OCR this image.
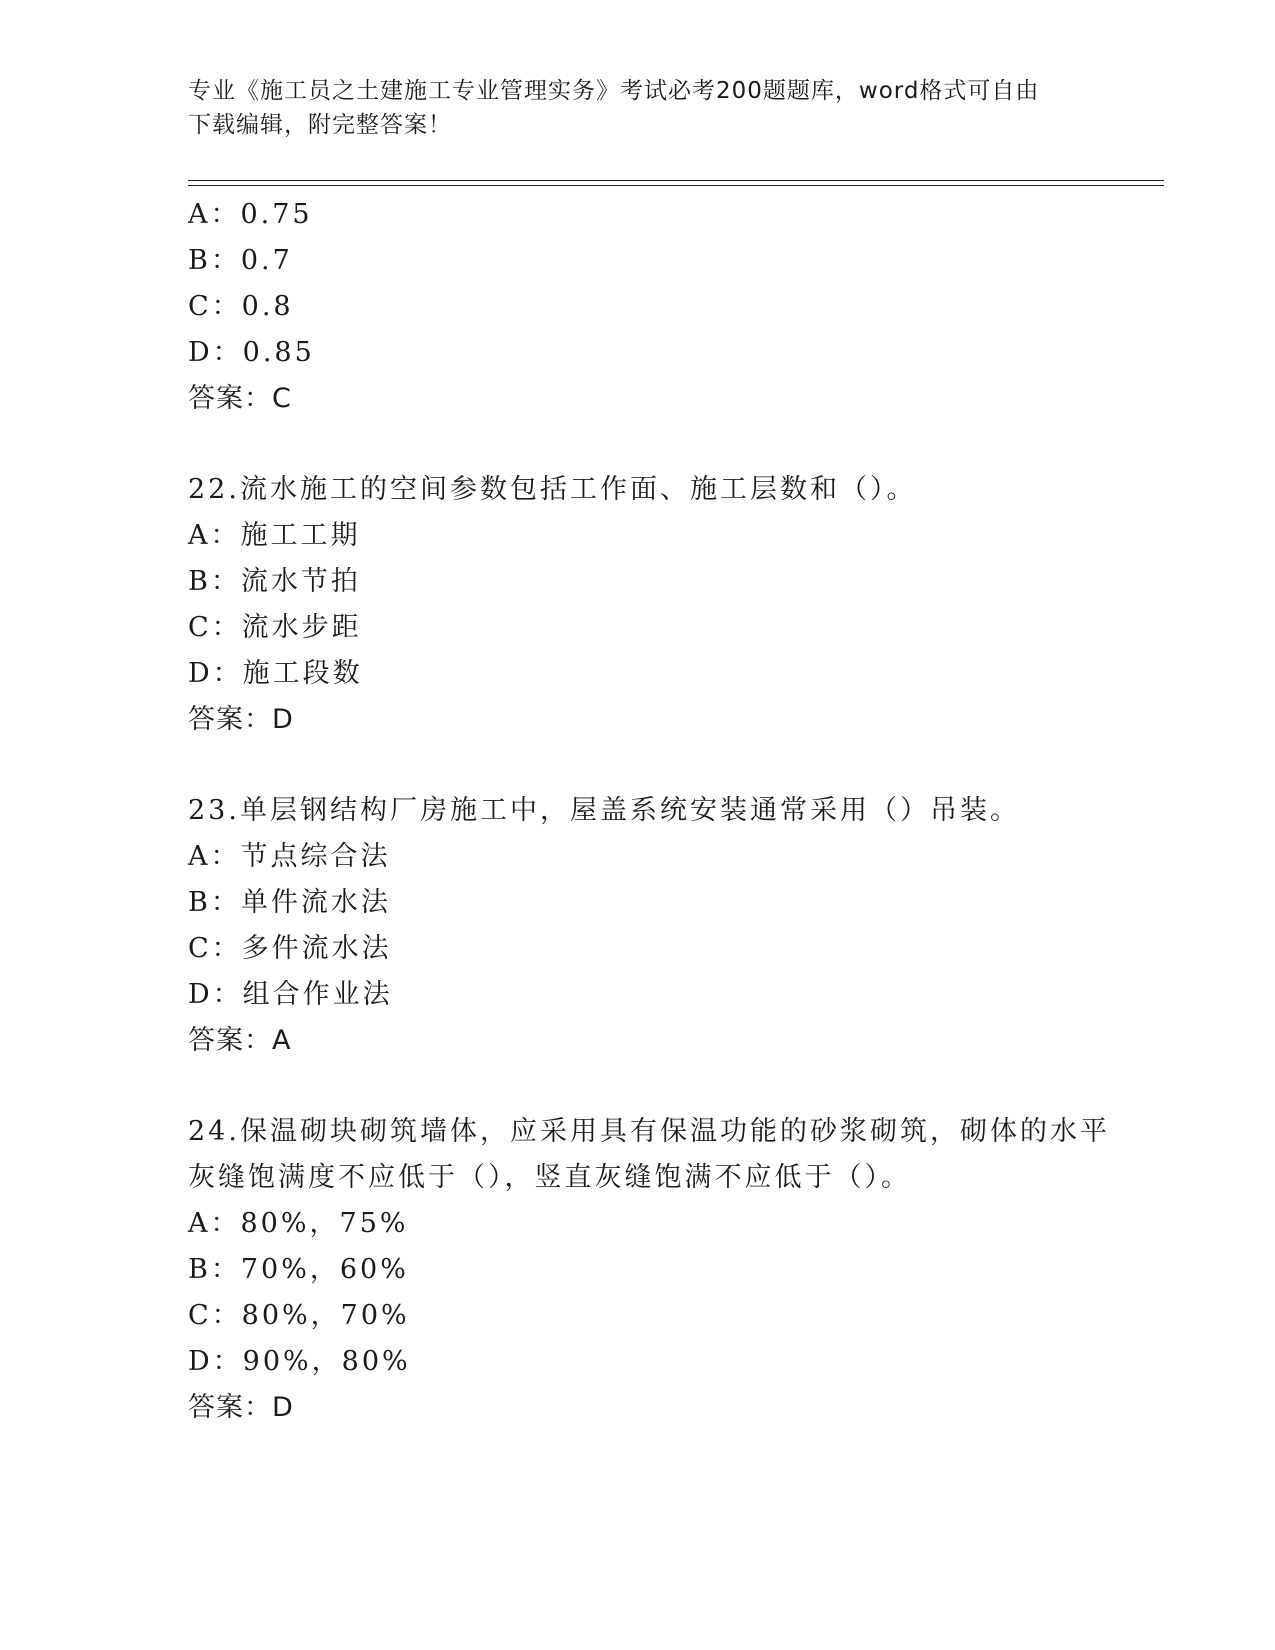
专业《施工员之土建施工专业管理实务》考试必考200题题库，word格式可自由
下载编辑，附完整答案！
A：0.75
B：0.7
C：0.8
D：0.85
答案：C
22.流水施工的空间参数包括工作面、施工层数和（）。
A：施工工期
B：流水节拍
C：流水步距
D：施工段数
答案：D
23.单层钢结构厂房施工中，屋盖系统安装通常采用（）吊装。
A：节点综合法
B：单件流水法
C：多件流水法
D：组合作业法
答案：A
24.保温砌块砌筑墙体，应采用具有保温功能的砂浆砌筑，砌体的水平
灰缝饱满度不应低于（），竖直灰缝饱满不应低于（）。
A：80%，75%
B：70%，60%
C：80%，70%
D：90%，80%
答案：D
